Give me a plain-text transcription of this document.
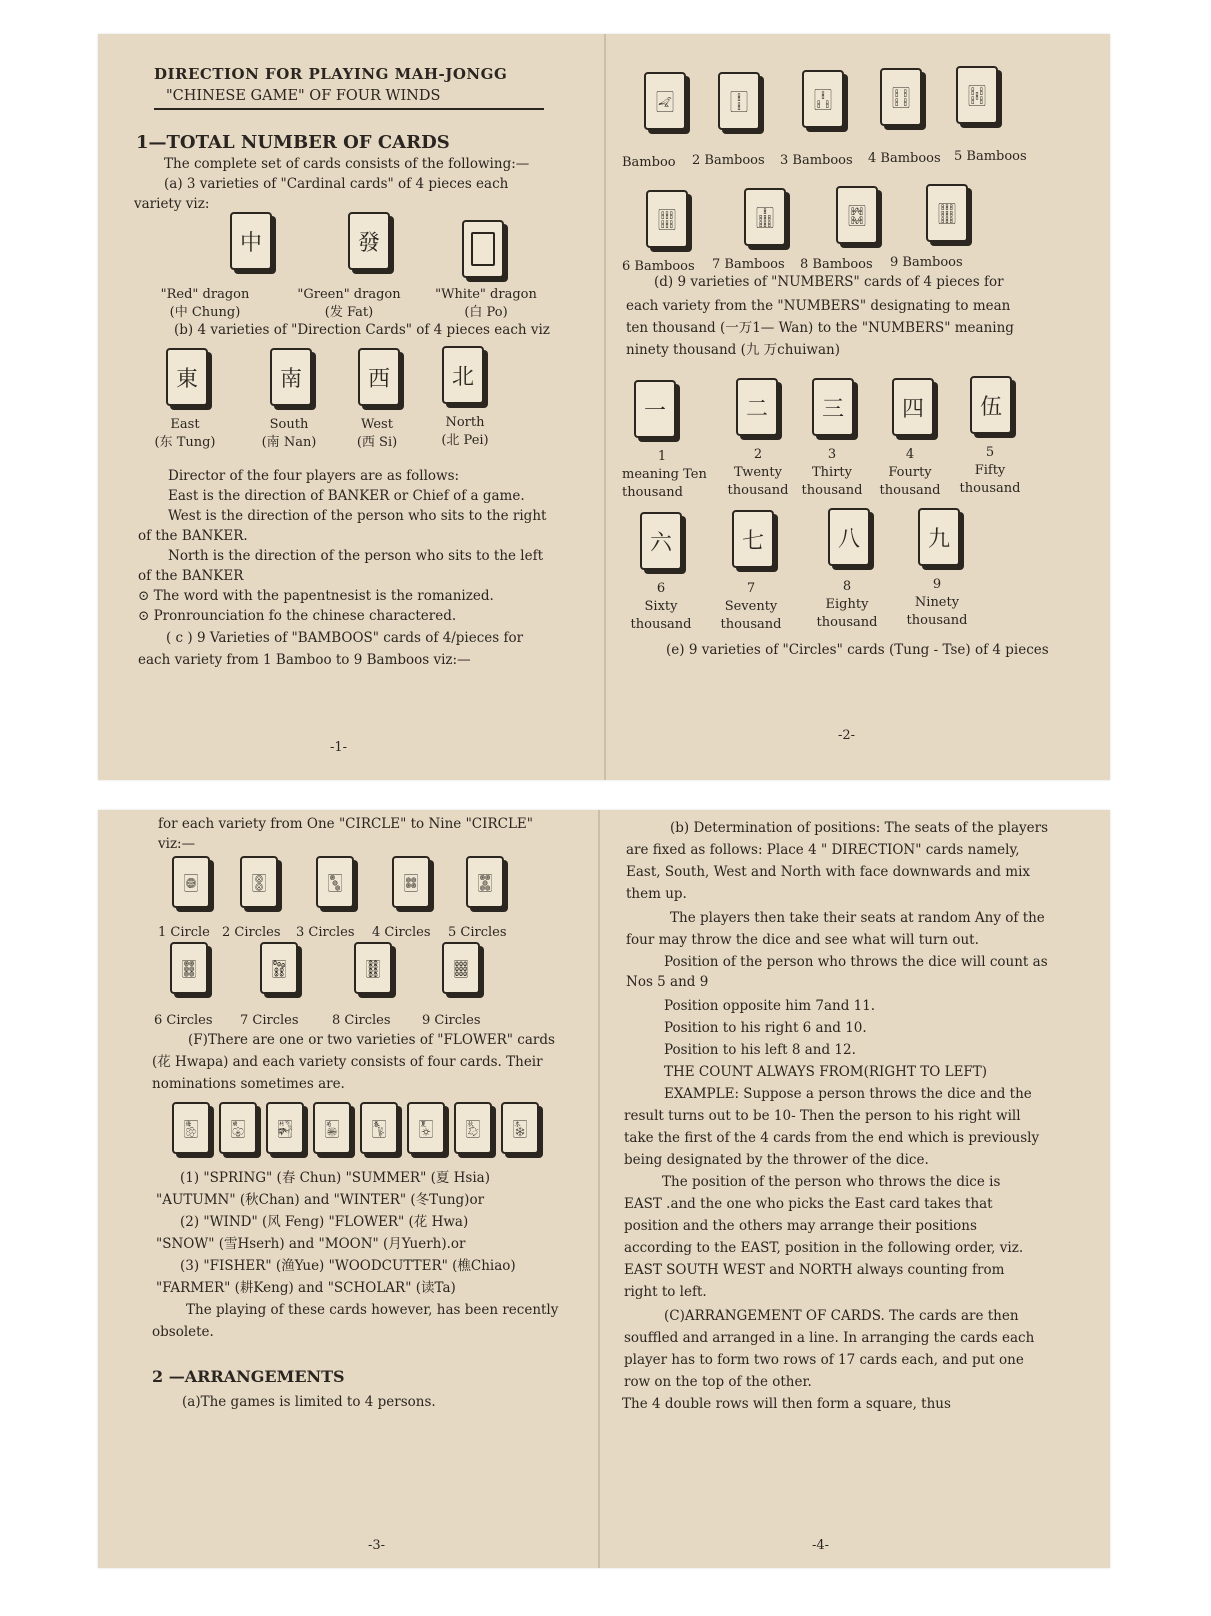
DIRECTION FOR PLAYING MAH-JONGG
"CHINESE GAME" OF FOUR WINDS
1—TOTAL NUMBER OF CARDS
The complete set of cards consists of the following:—
(a) 3 varieties of "Cardinal cards" of 4 pieces each
variety viz:
中	發
"Red" dragon
(中 Chung)
"Green" dragon
(发 Fat)
"White" dragon
(白 Po)
(b) 4 varieties of "Direction Cards" of 4 pieces each viz
東	南	西	北
East
(东 Tung)
South
(南 Nan)
West
(西 Si)
North
(北 Pei)
Director of the four players are as follows:
East is the direction of BANKER or Chief of a game.
West is the direction of the person who sits to the right
of the BANKER.
North is the direction of the person who sits to the left
of the BANKER
⊙ The word with the papentnesist is the romanized.
⊙ Pronrounciation fo the chinese charactered.
( c ) 9 Varieties of "BAMBOOS" cards of 4/pieces for
each variety from 1 Bamboo to 9 Bamboos viz:—
-1-
🀐	🀑	🀒	🀓	🀔
Bamboo 2 Bamboos 3 Bamboos 4 Bamboos 5 Bamboos
🀕	🀖	🀗	🀘
6 Bamboos 7 Bamboos 8 Bamboos 9 Bamboos
(d) 9 varieties of "NUMBERS" cards of 4 pieces for
each variety from the "NUMBERS" designating to mean
ten thousand (一万1— Wan) to the "NUMBERS" meaning
ninety thousand (九 万chuiwan)
一	二 三	四	伍
1
meaning Ten
thousand
2
Twenty
thousand
3
Thirty
thousand
4
Fourty
thousand
5
Fifty
thousand
六	七	八	九
6
Sixty
thousand
7
Seventy
thousand
8
Eighty
thousand
9
Ninety
thousand
(e) 9 varieties of "Circles" cards (Tung - Tse) of 4 pieces
-2-
for each variety from One "CIRCLE" to Nine "CIRCLE"
viz:—
🀙	🀚	🀛	🀜	🀝
1 Circle 2 Circles 3 Circles 4 Circles 5 Circles
🀞	🀟	🀠	🀡
6 Circles 7 Circles	8 Circles 9 Circles
(F)There are one or two varieties of "FLOWER" cards
(花 Hwapa) and each variety consists of four cards. Their
nominations sometimes are.
🀢 🀣 🀤 🀥 🀦 🀧 🀨 🀩
(1) "SPRING" (春 Chun) "SUMMER" (夏 Hsia)
"AUTUMN" (秋Chan) and "WINTER" (冬Tung)or
(2) "WIND" (风 Feng) "FLOWER" (花 Hwa)
"SNOW" (雪Hserh) and "MOON" (月Yuerh).or
(3) "FISHER" (渔Yue) "WOODCUTTER" (樵Chiao)
"FARMER" (耕Keng) and "SCHOLAR" (读Ta)
The playing of these cards however, has been recently
obsolete.
2 —ARRANGEMENTS
(a)The games is limited to 4 persons.
-3-
(b) Determination of positions: The seats of the players
are fixed as follows: Place 4 " DIRECTION" cards namely,
East, South, West and North with face downwards and mix
them up.
The players then take their seats at random Any of the
four may throw the dice and see what will turn out.
Position of the person who throws the dice will count as
Nos 5 and 9
Position opposite him 7and 11.
Position to his right 6 and 10.
Position to his left 8 and 12.
THE COUNT ALWAYS FROM(RIGHT TO LEFT)
EXAMPLE: Suppose a person throws the dice and the
result turns out to be 10- Then the person to his right will
take the first of the 4 cards from the end which is previously
being designated by the thrower of the dice.
The position of the person who throws the dice is
EAST .and the one who picks the East card takes that
position and the others may arrange their positions
according to the EAST, position in the following order, viz.
EAST SOUTH WEST and NORTH always counting from
right to left.
(C)ARRANGEMENT OF CARDS. The cards are then
souffled and arranged in a line. In arranging the cards each
player has to form two rows of 17 cards each, and put one
row on the top of the other.
The 4 double rows will then form a square, thus
-4-
